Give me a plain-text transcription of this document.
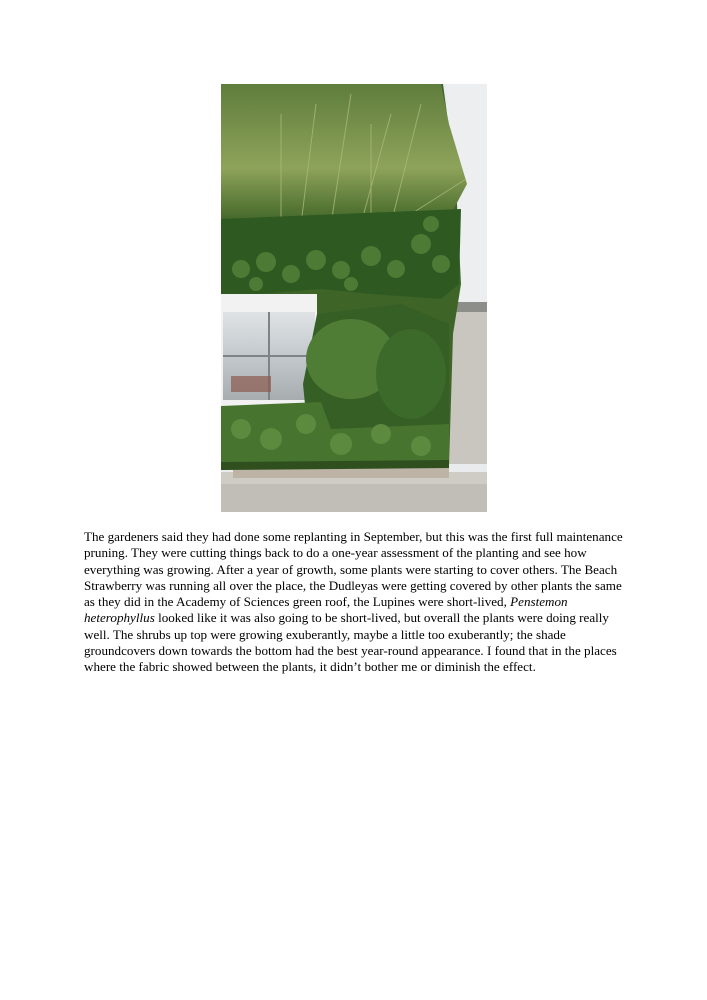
The gardeners said they had done some replanting in September, but this was the first full maintenance pruning. They were cutting things back to do a one-year assessment of the planting and see how everything was growing. After a year of growth, some plants were starting to cover others. The Beach Strawberry was running all over the place, the Dudleyas were getting covered by other plants the same as they did in the Academy of Sciences green roof, the Lupines were short-lived, Penstemon heterophyllus looked like it was also going to be short-lived, but overall the plants were doing really well. The shrubs up top were growing exuberantly, maybe a little too exuberantly; the shade groundcovers down towards the bottom had the best year-round appearance. I found that in the places where the fabric showed between the plants, it didn’t bother me or diminish the effect.
